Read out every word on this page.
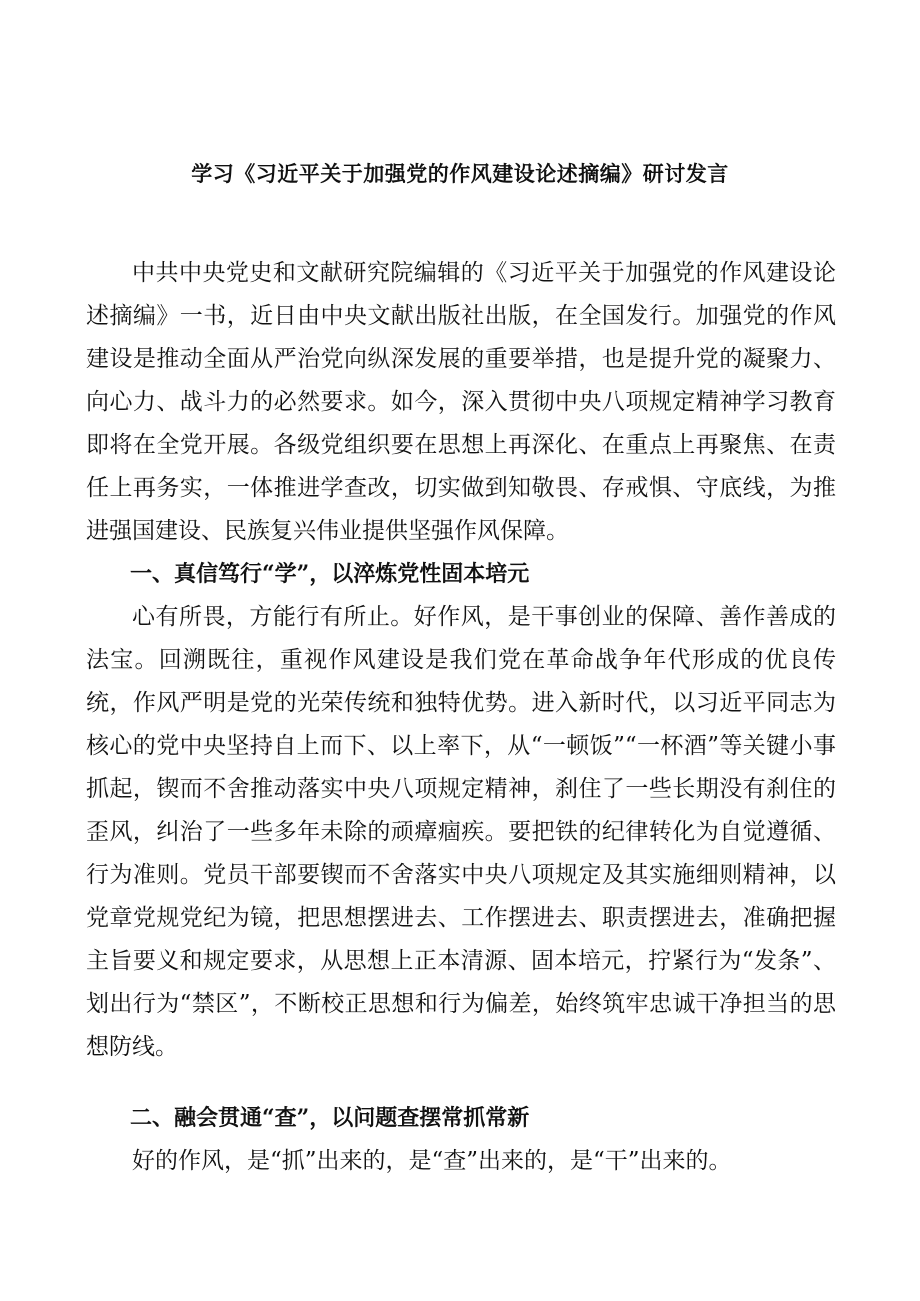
学习《习近平关于加强党的作风建设论述摘编》研讨发言

中共中央党史和文献研究院编辑的《习近平关于加强党的作风建设论述摘编》一书，近日由中央文献出版社出版，在全国发行。加强党的作风建设是推动全面从严治党向纵深发展的重要举措，也是提升党的凝聚力、向心力、战斗力的必然要求。如今，深入贯彻中央八项规定精神学习教育即将在全党开展。各级党组织要在思想上再深化、在重点上再聚焦、在责任上再务实，一体推进学查改，切实做到知敬畏、存戒惧、守底线，为推进强国建设、民族复兴伟业提供坚强作风保障。

一、真信笃行“学”，以淬炼党性固本培元

心有所畏，方能行有所止。好作风，是干事创业的保障、善作善成的法宝。回溯既往，重视作风建设是我们党在革命战争年代形成的优良传统，作风严明是党的光荣传统和独特优势。进入新时代，以习近平同志为核心的党中央坚持自上而下、以上率下，从“一顿饭”“一杯酒”等关键小事抓起，锲而不舍推动落实中央八项规定精神，刹住了一些长期没有刹住的歪风，纠治了一些多年未除的顽瘴痼疾。要把铁的纪律转化为自觉遵循、行为准则。党员干部要锲而不舍落实中央八项规定及其实施细则精神，以党章党规党纪为镜，把思想摆进去、工作摆进去、职责摆进去，准确把握主旨要义和规定要求，从思想上正本清源、固本培元，拧紧行为“发条”、划出行为“禁区”，不断校正思想和行为偏差，始终筑牢忠诚干净担当的思想防线。

二、融会贯通“查”，以问题查摆常抓常新

好的作风，是“抓”出来的，是“查”出来的，是“干”出来的。
